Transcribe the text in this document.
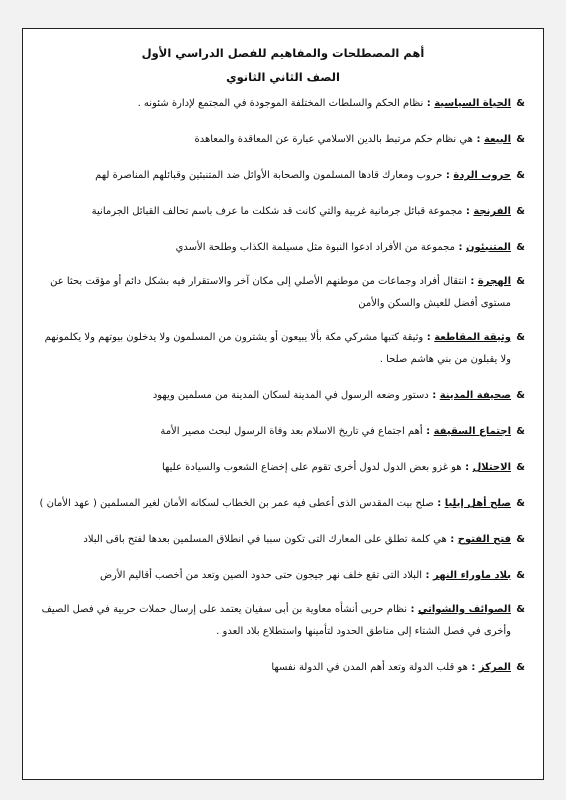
أهم المصطلحات والمفاهيم للفصل الدراسي الأول
الصف الثاني الثانوي
&
الحياة السياسية : نظام الحكم والسلطات المختلفة الموجودة في المجتمع لإدارة شئونه .
&
البيعة : هي نظام حكم مرتبط بالدين الاسلامي عبارة عن المعاقدة والمعاهدة
&
حروب الردة : حروب ومعارك قادها المسلمون والصحابة الأوائل ضد المتنبئين وقبائلهم المناصرة لهم
&
الفرنجة : مجموعة قبائل جرمانية غربية والتي كانت قد شكلت ما عرف باسم تحالف القبائل الجرمانية
&
المتنبئون : مجموعة من الأفراد ادعوا النبوة مثل مسيلمة الكذاب وطلحة الأسدي
&
الهجرة : انتقال أفراد وجماعات من موطنهم الأصلي إلى مكان آخر والاستقرار فيه بشكل دائم أو مؤقت بحثا عن مستوى أفضل للعيش والسكن والأمن
&
وثيقة المقاطعة : وثيقة كتبها مشركي مكة بألا يبيعون أو يشترون من المسلمون ولا يدخلون بيوتهم ولا يكلمونهم ولا يقبلون من بني هاشم صلحا .
&
صحيفة المدينة : دستور وضعه الرسول في المدينة لسكان المدينة من مسلمين ويهود
&
اجتماع السقيفة : أهم اجتماع في تاريخ الاسلام بعد وفاة الرسول لبحث مصير الأمة
&
الاحتلال : هو غزو بعض الدول لدول أخرى تقوم على إخضاع الشعوب والسيادة عليها
&
صلح أهل إيليا : صلح بيت المقدس الذى أعطى فيه عمر بن الخطاب لسكانه الأمان لغير المسلمين ( عهد الأمان )
&
فتح الفتوح : هي كلمة تطلق على المعارك التى تكون سببا في انطلاق المسلمين بعدها لفتح باقى البلاد
&
بلاد ماوراء النهر : البلاد التى تقع خلف نهر جيجون حتى حدود الصين وتعد من أخصب أقاليم الأرض
&
الصوائف والشواتي : نظام حربى أنشأه معاوية بن أبى سفيان يعتمد على إرسال حملات حربية في فصل الصيف وأخرى في فصل الشتاء إلى مناطق الحدود لتأمينها واستطلاع بلاد العدو .
&
المركز : هو قلب الدولة وتعد أهم المدن في الدولة نفسها
